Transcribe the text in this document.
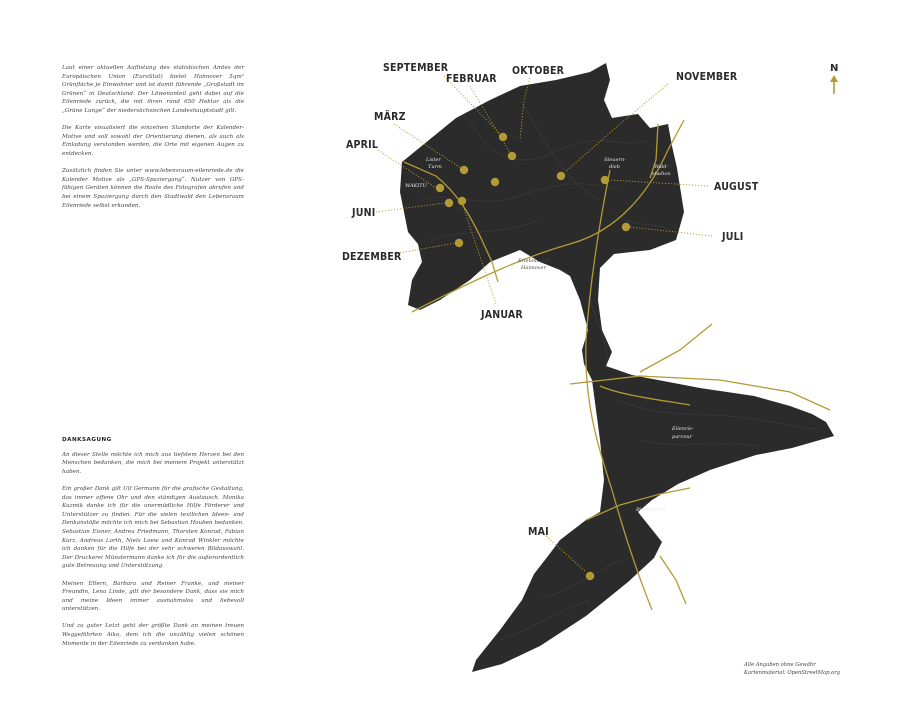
Laut einer aktuellen Auflistung des statistischen Amtes der Europäischen Union (EuroStat) bietet Hannover 5qm² Grünfläche je Einwohner und ist damit führende „Großstadt im Grünen“ in Deutschland. Der Löwenanteil geht dabei auf die Eilenriede zurück, die mit ihren rund 650 Hektar als die „Grüne Lunge“ der niedersächsischen Landeshauptstadt gilt.

Die Karte visualisiert die einzelnen Standorte der Kalender-Motive und soll sowohl der Orientierung dienen, als auch als Einladung verstanden werden, die Orte mit eigenen Augen zu entdecken.

Zusätzlich finden Sie unter www.lebensraum-eilenriede.de die Kalender Motive als „GPS-Spaziergang“. Nutzer von GPS-fähigen Geräten können die Route des Fotografen abrufen und bei einem Spaziergang durch den Stadtwald den Lebensraum Eilenriede selbst erkunden.

DANKSAGUNG

An dieser Stelle möchte ich mich aus tiefstem Herzen bei den Menschen bedanken, die mich bei meinem Projekt unterstützt haben.

Ein großer Dank gilt Ulf Germann für die grafische Gestaltung, das immer offene Ohr und den ständigen Austausch. Monika Kuzmik danke ich für die unermüdliche Hilfe Förderer und Unterstützer zu finden. Für die vielen textlichen Ideen- und Denkanstöße möchte ich mich bei Sebastian Houben bedanken. Sebastian Eisner, Andrea Friedmann, Thorsten Konrad, Fabian Kurz, Andreas Lorth, Niels Loew und Konrad Winkler möchte ich danken für die Hilfe bei der sehr schweren Bildauswahl. Der Druckerei Münstermann danke ich für die außerordentlich gute Betreuung und Unterstützung.

Meinen Eltern, Barbara und Reiner Franke, und meiner Freundin, Lena Linde, gilt der besondere Dank, dass sie mich und meine Ideen immer ausnahmslos und liebevoll unterstützen.

Und zu guter Letzt geht der größte Dank an meinen treuen Weggefährten Aiko, dem ich die unzählig vielen schönen Momente in der Eilenriede zu verdanken habe.

SEPTEMBER
FEBRUAR
OKTOBER	NOVEMBER
MÄRZ
APRIL
AUGUST
JUNI
JULI
DEZEMBER
JANUAR
MAI
Lister
Turm
WAKITU
Steuern-
dieb	Wald-
stadion
Erlebnis-Zoo
Hannover
Eilenrie-
parcour
Bischofshol
N
Alle Angaben ohne Gewähr
Kartenmaterial: OpenStreetMap.org
